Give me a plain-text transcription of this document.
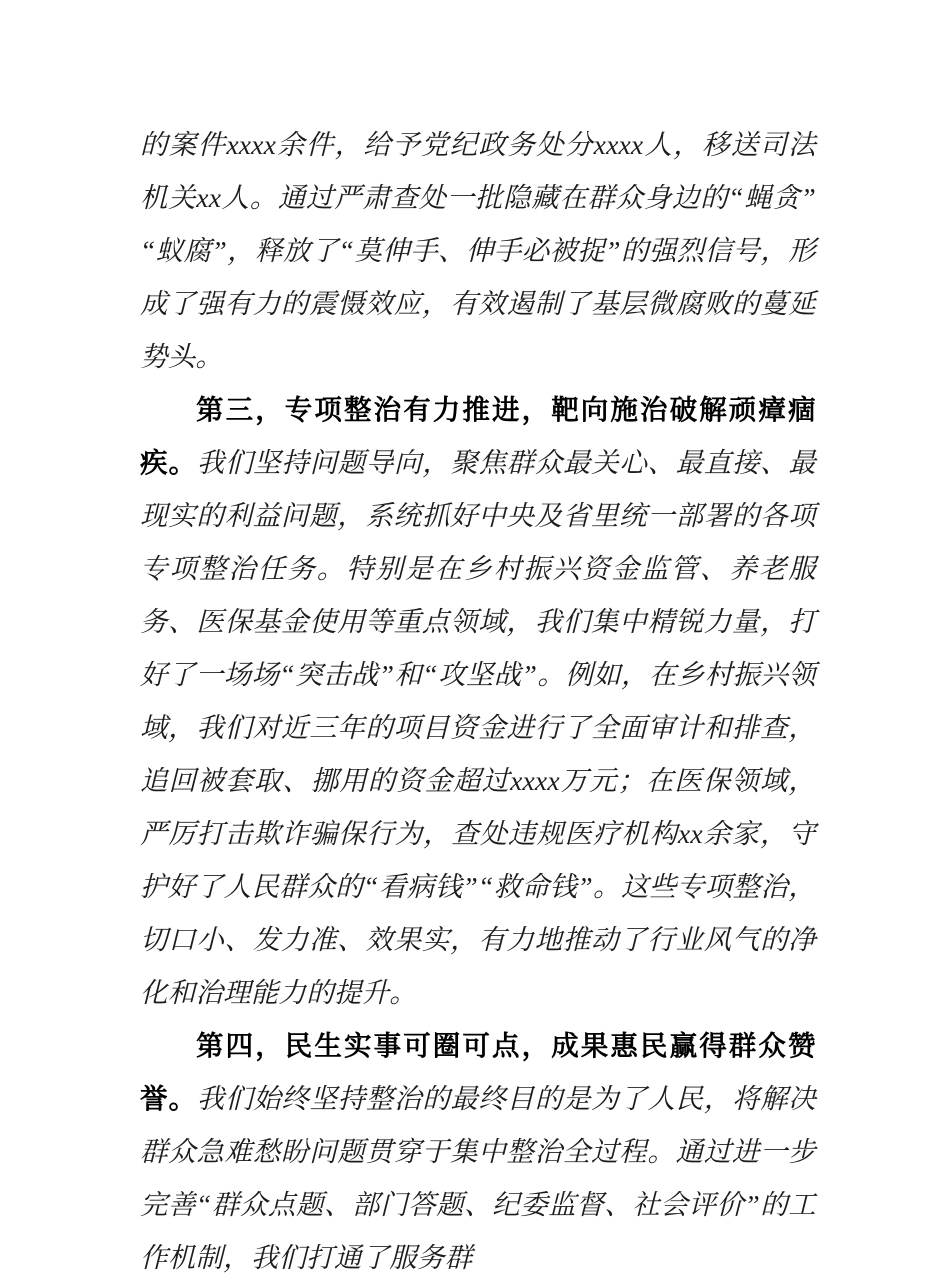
的案件xxxx余件，给予党纪政务处分xxxx人，移送司法机关xx人。通过严肃查处一批隐藏在群众身边的“蝇贪”“蚁腐”，释放了“莫伸手、伸手必被捉”的强烈信号，形成了强有力的震慑效应，有效遏制了基层微腐败的蔓延势头。

第三，专项整治有力推进，靶向施治破解顽瘴痼疾。我们坚持问题导向，聚焦群众最关心、最直接、最现实的利益问题，系统抓好中央及省里统一部署的各项专项整治任务。特别是在乡村振兴资金监管、养老服务、医保基金使用等重点领域，我们集中精锐力量，打好了一场场“突击战”和“攻坚战”。例如，在乡村振兴领域，我们对近三年的项目资金进行了全面审计和排查，追回被套取、挪用的资金超过xxxx万元；在医保领域，严厉打击欺诈骗保行为，查处违规医疗机构xx余家，守护好了人民群众的“看病钱”“救命钱”。这些专项整治，切口小、发力准、效果实，有力地推动了行业风气的净化和治理能力的提升。

第四，民生实事可圈可点，成果惠民赢得群众赞誉。我们始终坚持整治的最终目的是为了人民，将解决群众急难愁盼问题贯穿于集中整治全过程。通过进一步完善“群众点题、部门答题、纪委监督、社会评价”的工作机制，我们打通了服务群
